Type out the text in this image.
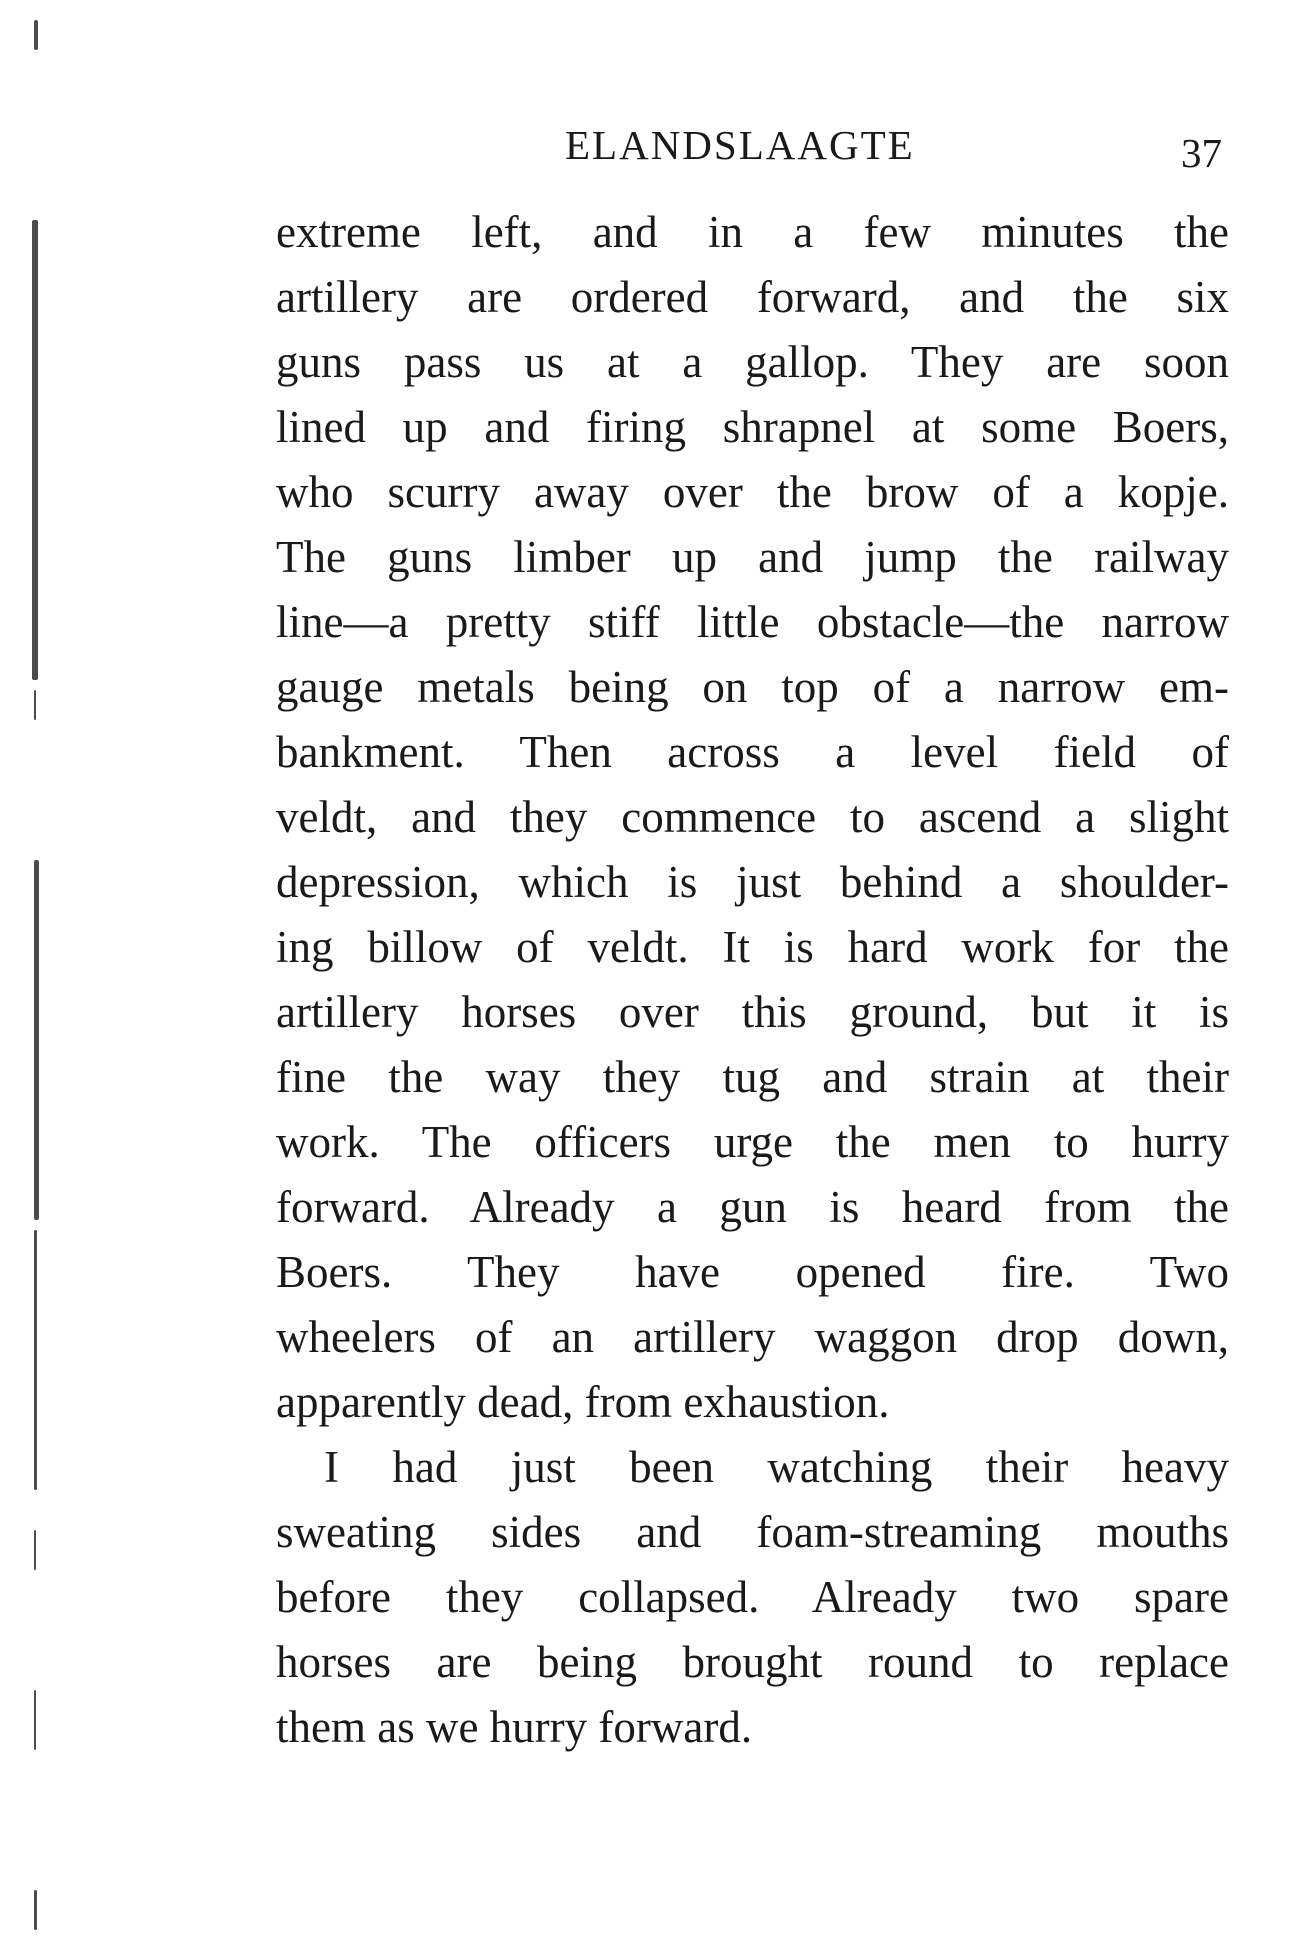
ELANDSLAAGTE	37

extreme left, and in a few minutes the
artillery are ordered forward, and the six
guns pass us at a gallop. They are soon
lined up and firing shrapnel at some Boers,
who scurry away over the brow of a kopje.
The guns limber up and jump the railway
line—a pretty stiff little obstacle—the narrow
gauge metals being on top of a narrow em-
bankment. Then across a level field of
veldt, and they commence to ascend a slight
depression, which is just behind a shoulder-
ing billow of veldt. It is hard work for the
artillery horses over this ground, but it is
fine the way they tug and strain at their
work. The officers urge the men to hurry
forward. Already a gun is heard from the
Boers. They have opened fire. Two
wheelers of an artillery waggon drop down,
apparently dead, from exhaustion.

I had just been watching their heavy
sweating sides and foam-streaming mouths
before they collapsed. Already two spare
horses are being brought round to replace
them as we hurry forward.
